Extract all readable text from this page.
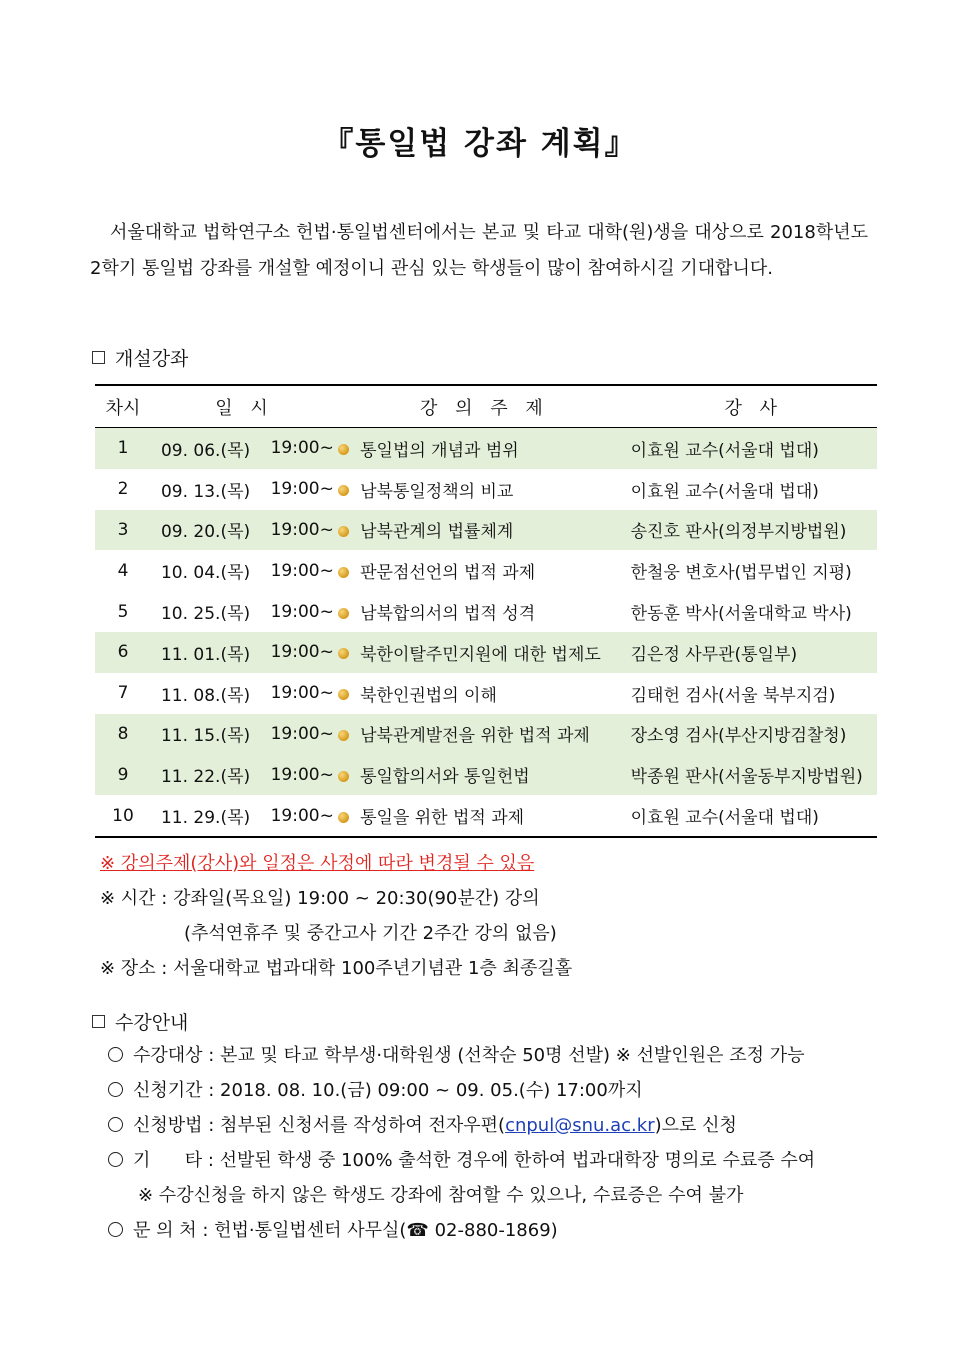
『통일법 강좌 계획』
서울대학교 법학연구소 헌법·통일법센터에서는 본교 및 타교 대학(원)생을 대상으로 2018학년도 2학기 통일법 강좌를 개설할 예정이니 관심 있는 학생들이 많이 참여하시길 기대합니다.
개설강좌
차시	일 시		강 의 주 제	강 사
1	09. 06.(목)	19:00~	통일법의 개념과 범위	이효원 교수(서울대 법대)
2	09. 13.(목)	19:00~	남북통일정책의 비교	이효원 교수(서울대 법대)
3	09. 20.(목)	19:00~	남북관계의 법률체계	송진호 판사(의정부지방법원)
4	10. 04.(목)	19:00~	판문점선언의 법적 과제	한철웅 변호사(법무법인 지평)
5	10. 25.(목)	19:00~	남북합의서의 법적 성격	한동훈 박사(서울대학교 박사)
6	11. 01.(목)	19:00~	북한이탈주민지원에 대한 법제도	김은정 사무관(통일부)
7	11. 08.(목)	19:00~	북한인권법의 이해	김태헌 검사(서울 북부지검)
8	11. 15.(목)	19:00~	남북관계발전을 위한 법적 과제	장소영 검사(부산지방검찰청)
9	11. 22.(목)	19:00~	통일합의서와 통일헌법	박종원 판사(서울동부지방법원)
10	11. 29.(목)	19:00~	통일을 위한 법적 과제	이효원 교수(서울대 법대)
※ 강의주제(강사)와 일정은 사정에 따라 변경될 수 있음
※ 시간 : 강좌일(목요일) 19:00 ~ 20:30(90분간) 강의
(추석연휴주 및 중간고사 기간 2주간 강의 없음)
※ 장소 : 서울대학교 법과대학 100주년기념관 1층 최종길홀
수강안내
수강대상 : 본교 및 타교 학부생·대학원생 (선착순 50명 선발) ※ 선발인원은 조정 가능
신청기간 : 2018. 08. 10.(금) 09:00 ~ 09. 05.(수) 17:00까지
신청방법 : 첨부된 신청서를 작성하여 전자우편(cnpul@snu.ac.kr)으로 신청
기      타 : 선발된 학생 중 100% 출석한 경우에 한하여 법과대학장 명의로 수료증 수여
※ 수강신청을 하지 않은 학생도 강좌에 참여할 수 있으나, 수료증은 수여 불가
문 의 처 : 헌법·통일법센터 사무실(☎ 02-880-1869)
